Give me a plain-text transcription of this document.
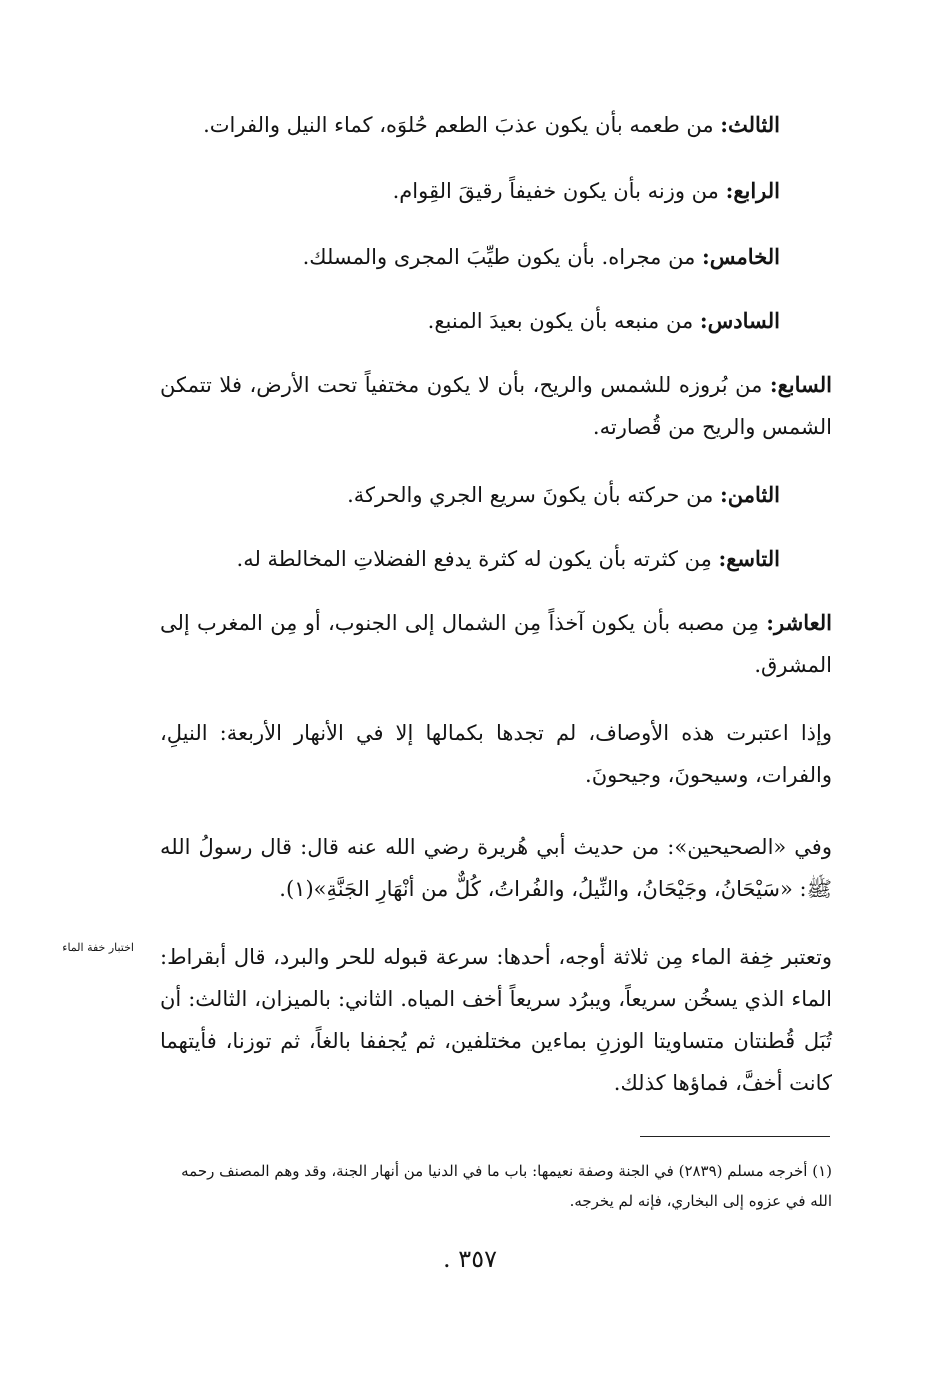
الثالث: من طعمه بأن يكون عذبَ الطعم حُلوَه، كماء النيل والفرات.

الرابع: من وزنه بأن يكون خفيفاً رقيقَ القِوام.

الخامس: من مجراه. بأن يكون طيِّبَ المجرى والمسلك.

السادس: من منبعه بأن يكون بعيدَ المنبع.

السابع: من بُروزه للشمس والريح، بأن لا يكون مختفياً تحت الأرض، فلا تتمكن الشمس والريح من قُصارته.

الثامن: من حركته بأن يكونَ سريع الجري والحركة.

التاسع: مِن كثرته بأن يكون له كثرة يدفع الفضلاتِ المخالطة له.

العاشر: مِن مصبه بأن يكون آخذاً مِن الشمال إلى الجنوب، أو مِن المغرب إلى المشرق.

وإذا اعتبرت هذه الأوصاف، لم تجدها بكمالها إلا في الأنهار الأربعة: النيلِ، والفرات، وسيحونَ، وجيحونَ.

وفي «الصحيحين»: من حديث أبي هُريرة رضي الله عنه قال: قال رسولُ الله ﷺ: «سَيْحَانُ، وجَيْحَانُ، والنِّيلُ، والفُراتُ، كُلٌّ من أنْهَارِ الجَنَّةِ»(١).

اختبار خفة الماء وتعتبر خِفة الماء مِن ثلاثة أوجه، أحدها: سرعة قبوله للحر والبرد، قال أبقراط: الماء الذي يسخُن سريعاً، ويبرُد سريعاً أخف المياه. الثاني: بالميزان، الثالث: أن تُبَل قُطنتان متساويتا الوزنِ بماءين مختلفين، ثم يُجففا بالغاً، ثم توزنا، فأيتهما كانت أخفَّ، فماؤها كذلك.

(١) أخرجه مسلم (٢٨٣٩) في الجنة وصفة نعيمها: باب ما في الدنيا من أنهار الجنة، وقد وهم المصنف رحمه الله في عزوه إلى البخاري، فإنه لم يخرجه.

٣٥٧ .
